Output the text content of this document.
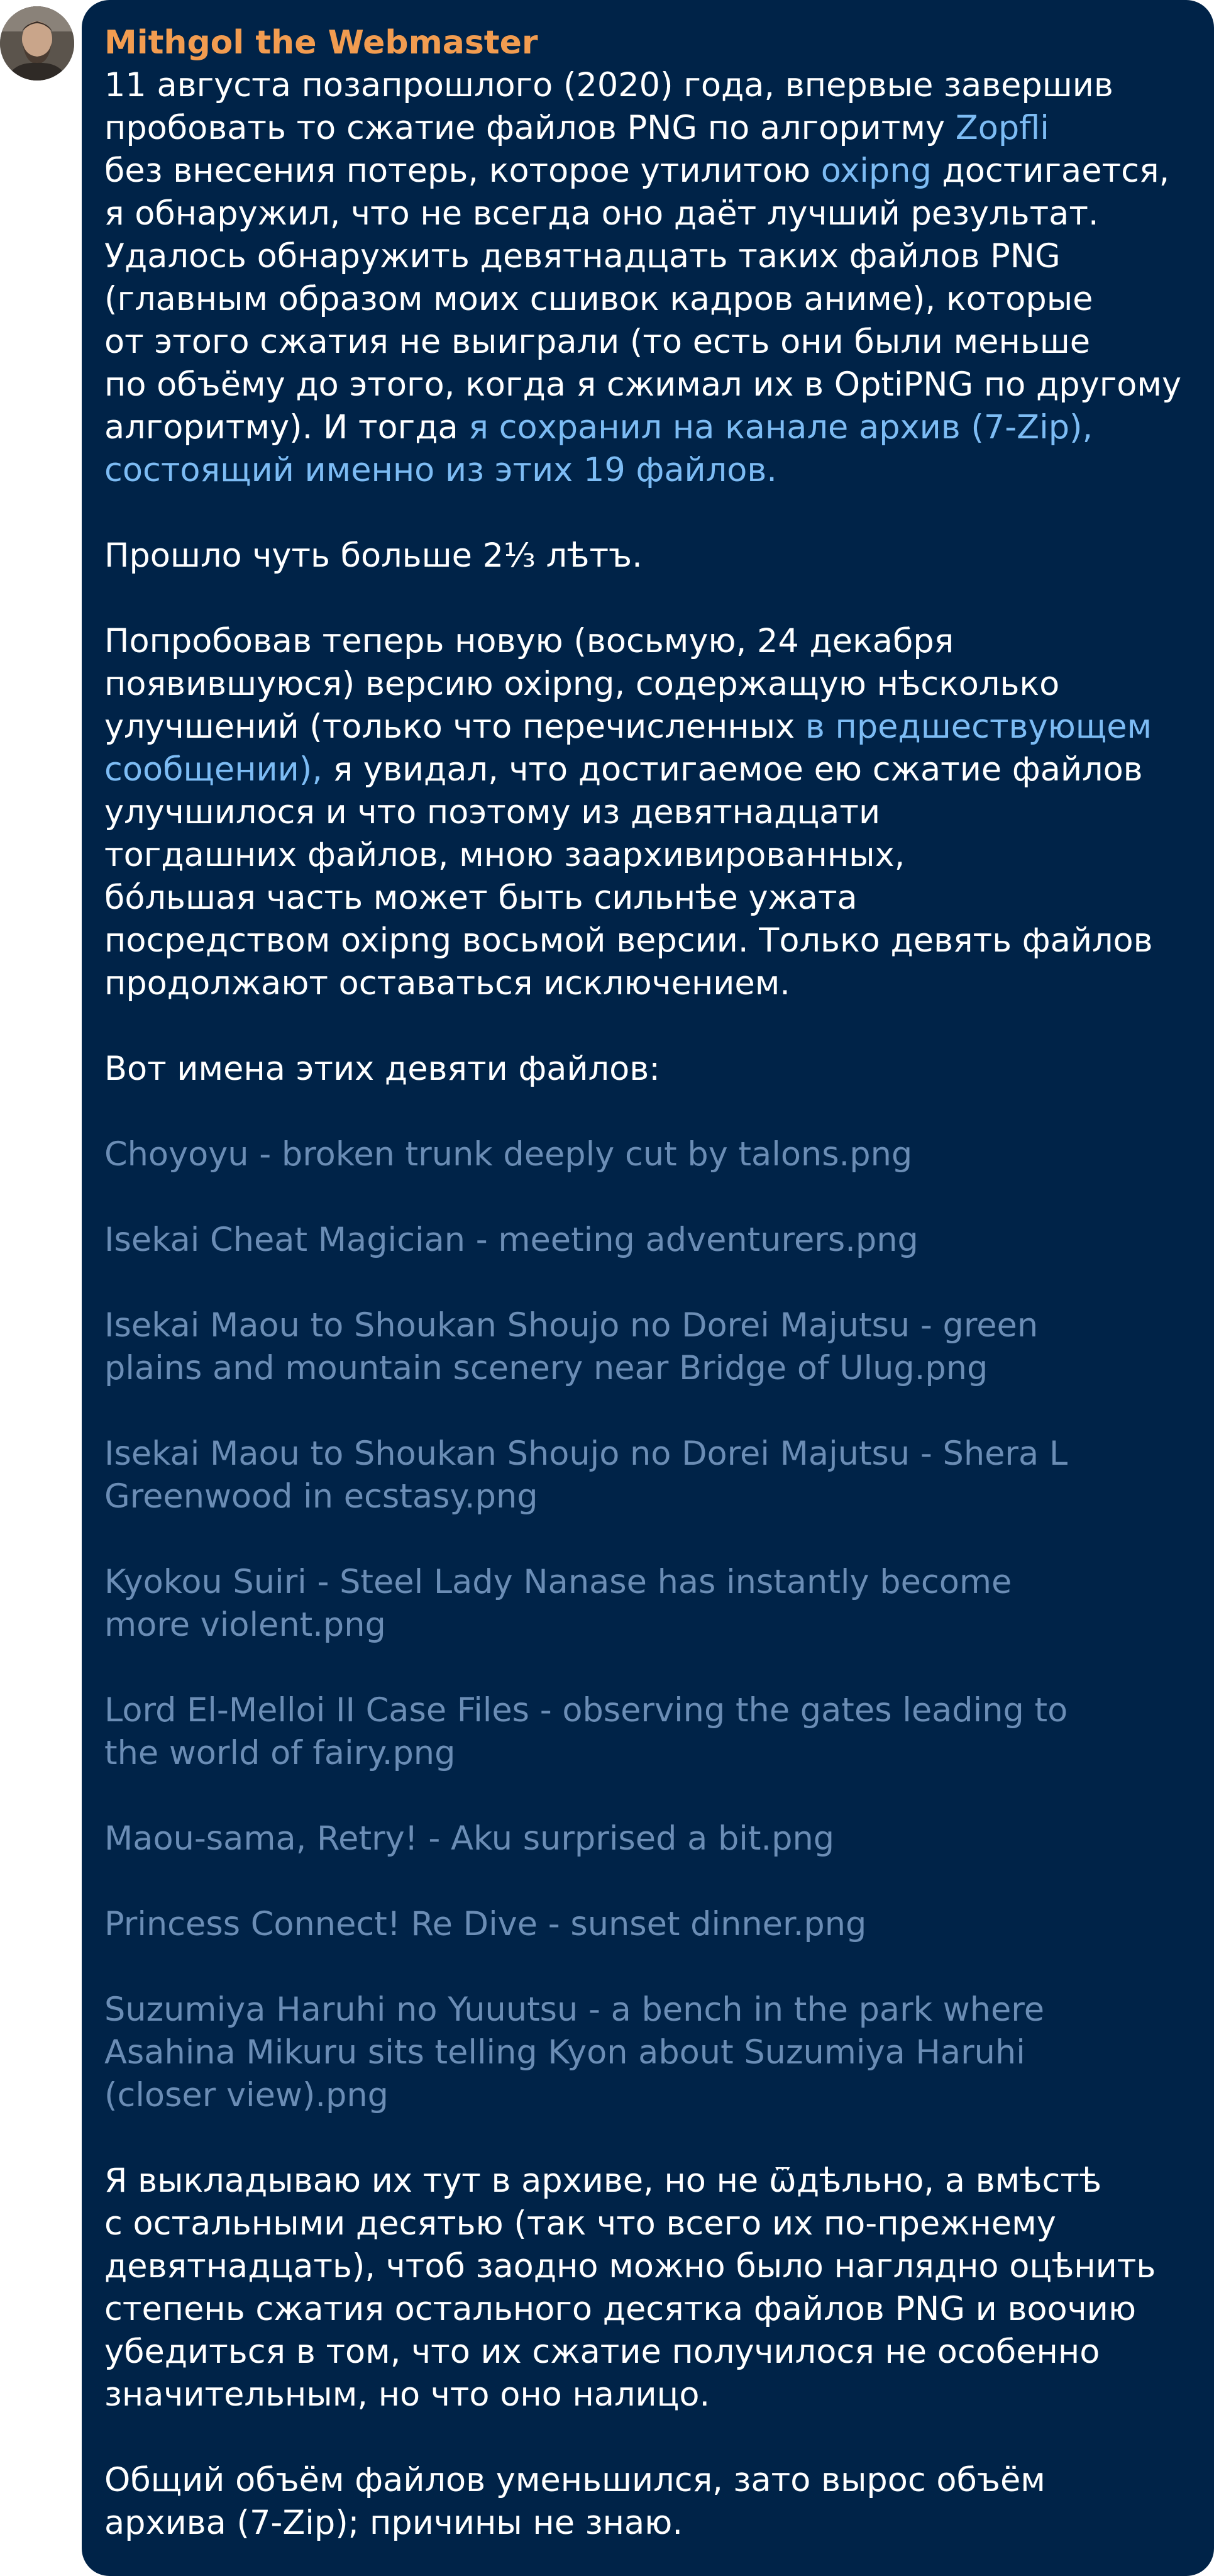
Mithgol the Webmaster
11 августа позапрошлого (2020) года, впервые завершив
пробовать то сжатие файлов PNG по алгоритму Zopfli
без внесения потерь, которое утилитою oxipng достигается,
я обнаружил, что не всегда оно даёт лучший результат.
Удалось обнаружить девятнадцать таких файлов PNG
(главным образом моих сшивок кадров аниме), которые
от этого сжатия не выиграли (то есть они были меньше
по объёму до этого, когда я сжимал их в OptiPNG по другому
алгоритму). И тогда я сохранил на канале архив (7-Zip),
состоящий именно из этих 19 файлов.
Прошло чуть больше 2⅓ лѣтъ.
Попробовав теперь новую (восьмую, 24 декабря
появившуюся) версию oxipng, содержащую нѣсколько
улучшений (только что перечисленных в предшествующем
сообщении), я увидал, что достигаемое ею сжатие файлов
улучшилося и что поэтому из девятнадцати
тогдашних файлов, мною заархивированных,
бо́льшая часть может быть сильнѣе ужата
посредством oxipng восьмой версии. Только девять файлов
продолжают оставаться исключением.
Вот имена этих девяти файлов:
Choyoyu - broken trunk deeply cut by talons.png
Isekai Cheat Magician - meeting adventurers.png
Isekai Maou to Shoukan Shoujo no Dorei Majutsu - green
plains and mountain scenery near Bridge of Ulug.png
Isekai Maou to Shoukan Shoujo no Dorei Majutsu - Shera L
Greenwood in ecstasy.png
Kyokou Suiri - Steel Lady Nanase has instantly become
more violent.png
Lord El-Melloi II Case Files - observing the gates leading to
the world of fairy.png
Maou-sama, Retry! - Aku surprised a bit.png
Princess Connect! Re Dive - sunset dinner.png
Suzumiya Haruhi no Yuuutsu - a bench in the park where
Asahina Mikuru sits telling Kyon about Suzumiya Haruhi
(closer view).png
Я выкладываю их тут в архиве, но не ѿдѣльно, а вмѣстѣ
с остальными десятью (так что всего их по-прежнему
девятнадцать), чтоб заодно можно было наглядно оцѣнить
степень сжатия остального десятка файлов PNG и воочию
убедиться в том, что их сжатие получилося не особенно
значительным, но что оно налицо.
Общий объём файлов уменьшился, зато вырос объём
архива (7-Zip); причины не знаю.
